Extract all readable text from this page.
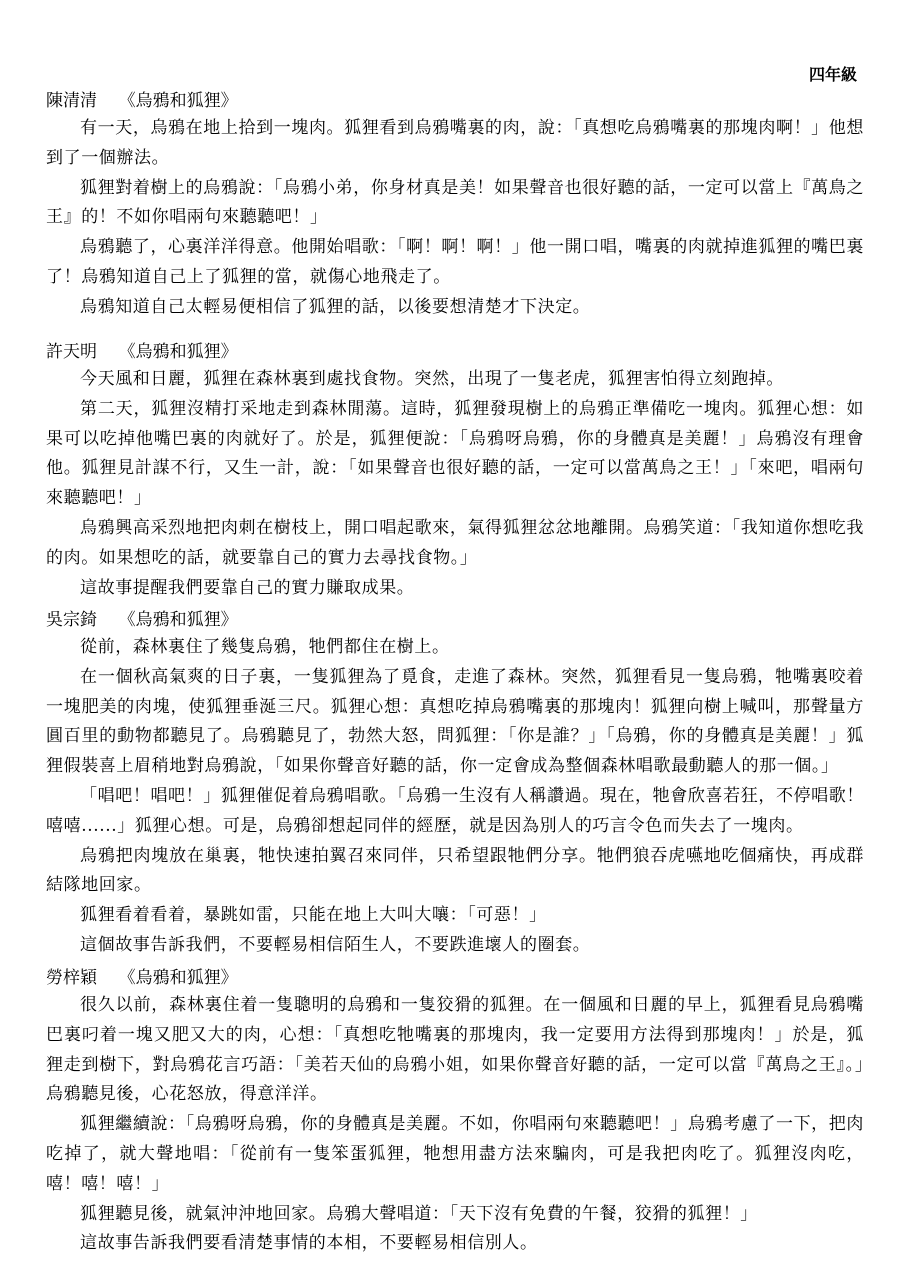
四年級
陳清清 《烏鴉和狐狸》

有一天，烏鴉在地上拾到一塊肉。狐狸看到烏鴉嘴裏的肉，說：「真想吃烏鴉嘴裏的那塊肉啊！」他想到了一個辦法。

狐狸對着樹上的烏鴉說：「烏鴉小弟，你身材真是美！如果聲音也很好聽的話，一定可以當上『萬鳥之王』的！不如你唱兩句來聽聽吧！」

烏鴉聽了，心裏洋洋得意。他開始唱歌：「啊！啊！啊！」他一開口唱，嘴裏的肉就掉進狐狸的嘴巴裏了！烏鴉知道自己上了狐狸的當，就傷心地飛走了。

烏鴉知道自己太輕易便相信了狐狸的話，以後要想清楚才下決定。

許天明 《烏鴉和狐狸》

今天風和日麗，狐狸在森林裏到處找食物。突然，出現了一隻老虎，狐狸害怕得立刻跑掉。

第二天，狐狸沒精打采地走到森林閒蕩。這時，狐狸發現樹上的烏鴉正準備吃一塊肉。狐狸心想：如果可以吃掉他嘴巴裏的肉就好了。於是，狐狸便說：「烏鴉呀烏鴉，你的身體真是美麗！」烏鴉沒有理會他。狐狸見計謀不行，又生一計，說：「如果聲音也很好聽的話，一定可以當萬鳥之王！」「來吧，唱兩句來聽聽吧！」

烏鴉興高采烈地把肉刺在樹枝上，開口唱起歌來，氣得狐狸忿忿地離開。烏鴉笑道：「我知道你想吃我的肉。如果想吃的話，就要靠自己的實力去尋找食物。」

這故事提醒我們要靠自己的實力賺取成果。

吳宗錡 《烏鴉和狐狸》

從前，森林裏住了幾隻烏鴉，牠們都住在樹上。

在一個秋高氣爽的日子裏，一隻狐狸為了覓食，走進了森林。突然，狐狸看見一隻烏鴉，牠嘴裏咬着一塊肥美的肉塊，使狐狸垂涎三尺。狐狸心想：真想吃掉烏鴉嘴裏的那塊肉！狐狸向樹上喊叫，那聲量方圓百里的動物都聽見了。烏鴉聽見了，勃然大怒，問狐狸：「你是誰？」「烏鴉，你的身體真是美麗！」狐狸假裝喜上眉稍地對烏鴉說，「如果你聲音好聽的話，你一定會成為整個森林唱歌最動聽人的那一個。」

「唱吧！唱吧！」狐狸催促着烏鴉唱歌。「烏鴉一生沒有人稱讚過。現在，牠會欣喜若狂，不停唱歌！嘻嘻......」狐狸心想。可是，烏鴉卻想起同伴的經歷，就是因為別人的巧言令色而失去了一塊肉。

烏鴉把肉塊放在巢裏，牠快速拍翼召來同伴，只希望跟牠們分享。牠們狼吞虎嚥地吃個痛快，再成群結隊地回家。

狐狸看着看着，暴跳如雷，只能在地上大叫大嚷：「可惡！」

這個故事告訴我們，不要輕易相信陌生人，不要跌進壞人的圈套。

勞梓穎 《烏鴉和狐狸》

很久以前，森林裏住着一隻聰明的烏鴉和一隻狡猾的狐狸。在一個風和日麗的早上，狐狸看見烏鴉嘴巴裏叼着一塊又肥又大的肉，心想：「真想吃牠嘴裏的那塊肉，我一定要用方法得到那塊肉！」於是，狐狸走到樹下，對烏鴉花言巧語：「美若天仙的烏鴉小姐，如果你聲音好聽的話，一定可以當『萬鳥之王』。」烏鴉聽見後，心花怒放，得意洋洋。

狐狸繼續說：「烏鴉呀烏鴉，你的身體真是美麗。不如，你唱兩句來聽聽吧！」烏鴉考慮了一下，把肉吃掉了，就大聲地唱：「從前有一隻笨蛋狐狸，牠想用盡方法來騙肉，可是我把肉吃了。狐狸沒肉吃，嘻！嘻！嘻！」

狐狸聽見後，就氣沖沖地回家。烏鴉大聲唱道：「天下沒有免費的午餐，狡猾的狐狸！」

這故事告訴我們要看清楚事情的本相，不要輕易相信別人。
